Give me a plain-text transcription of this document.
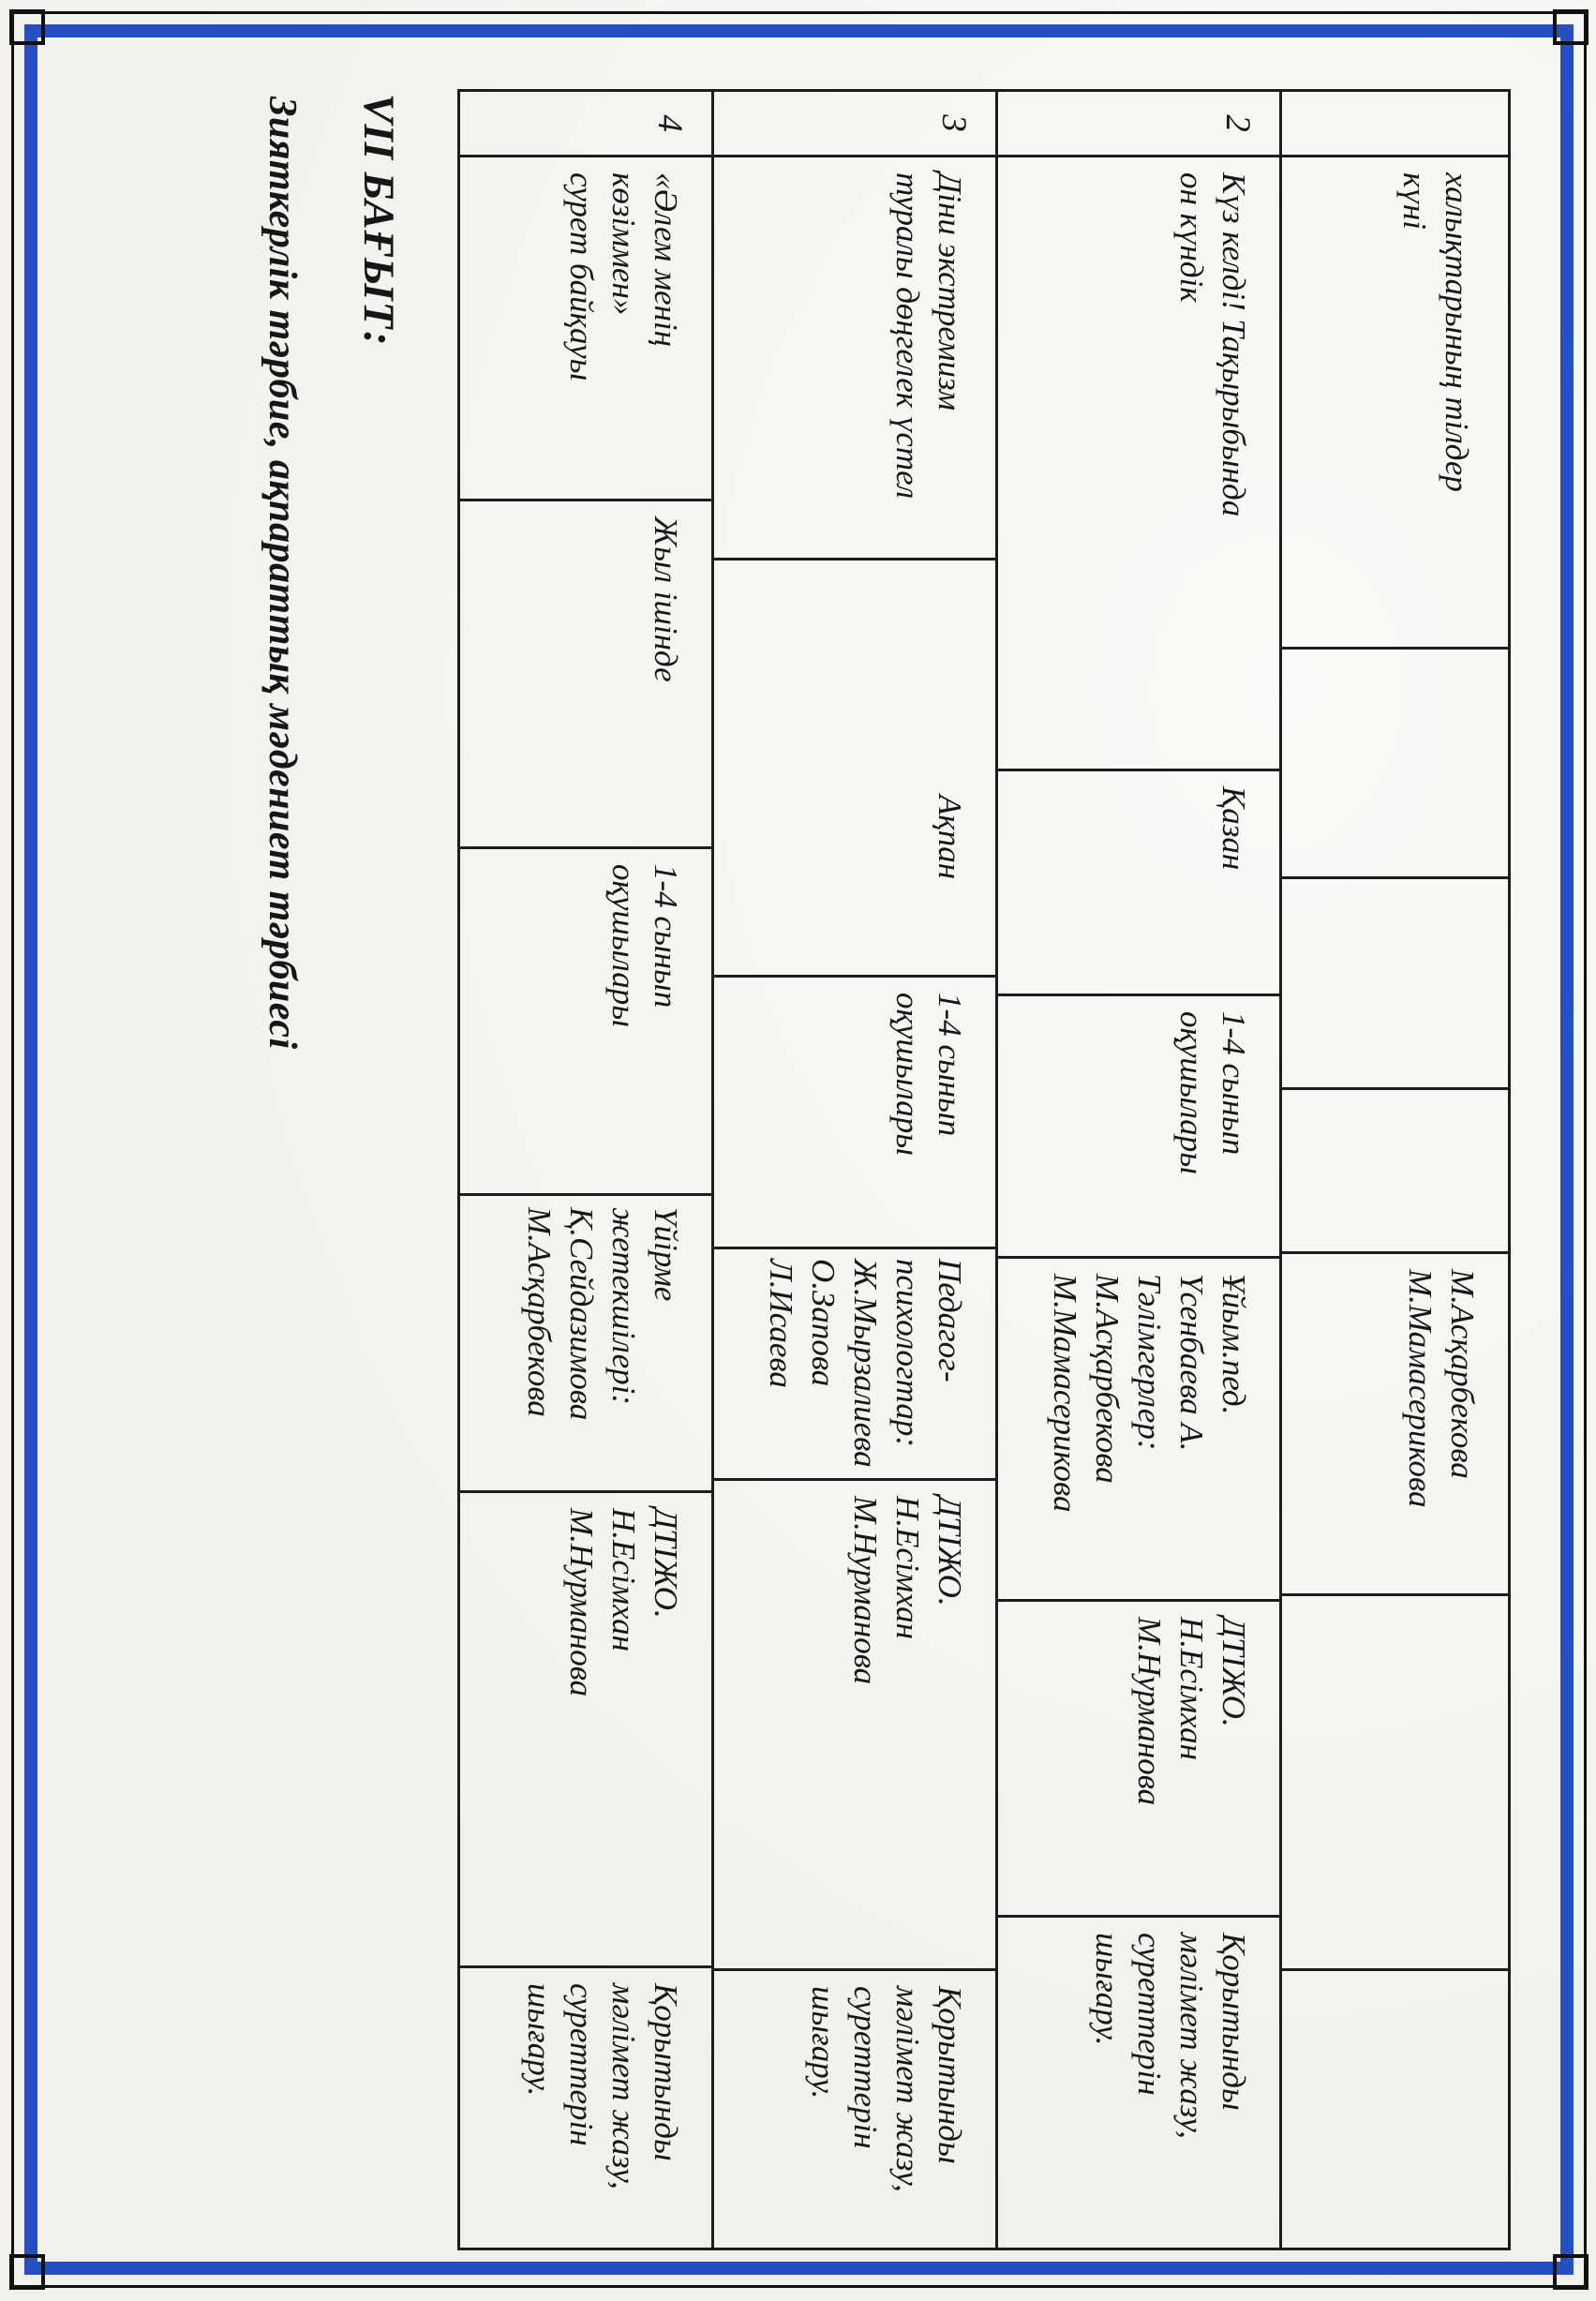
халықтарының тілдер
күні
М.Асқарбекова
М.Мамасерикова
2
Күз келді! Тақырыбында
он күндік
Қазан
1-4 сынып
оқушылары
Ұйым.пед.
Үсенбаева А.
Тәлімгерлер:
М.Асқарбекова
М.Мамасерикова
ДТІЖО.
Н.Есімхан
М.Нурманова
Қорытынды
мәлімет жазу,
суреттерін
шығару.
3
Діни экстремизм
туралы дөңгелек үстел
Ақпан
1-4 сынып
оқушылары
Педагог-
психологтар:
Ж.Мырзалиева
О.Запова
Л.Исаева
ДТІЖО.
Н.Есімхан
М.Нурманова
Қорытынды
мәлімет жазу,
суреттерін
шығару.
4
«Әлем менің көзіммен»
сурет байқауы
Жыл ішінде
1-4 сынып
оқушылары
Үйірме
жетекшілері:
Қ.Сейдазимова
М.Асқарбекова
ДТІЖО.
Н.Есімхан
М.Нурманова
Қорытынды
мәлімет жазу,
суреттерін
шығару.
VII БАҒЫТ:
Зияткерлік тәрбие, ақпараттық мәдениет тәрбиесі
